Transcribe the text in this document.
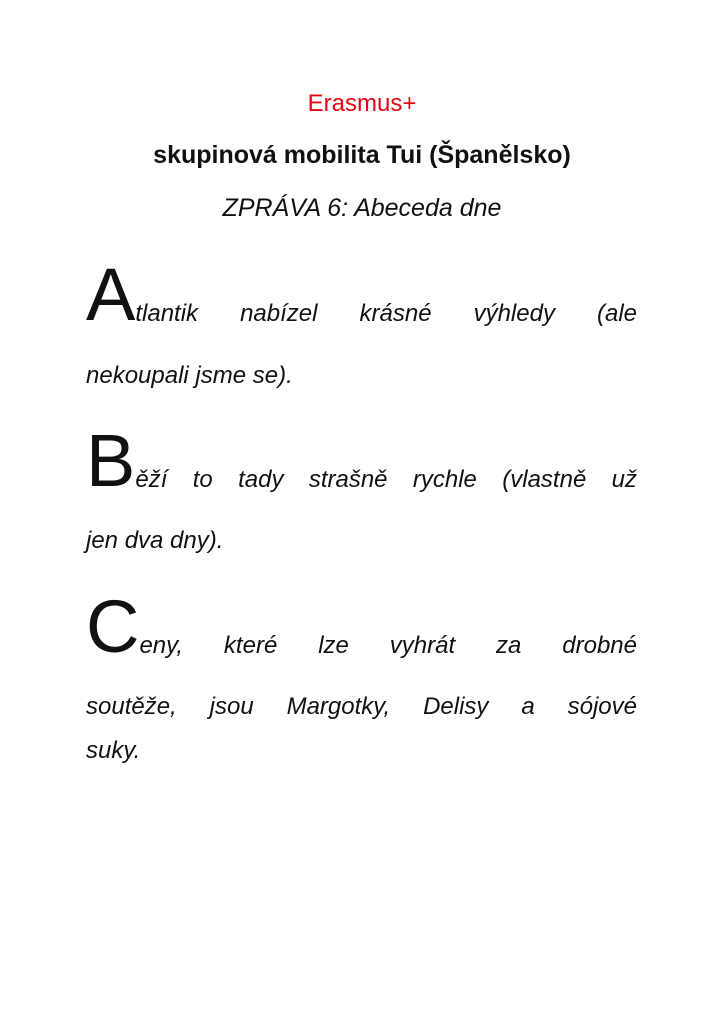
Erasmus+
skupinová mobilita Tui (Španělsko)
ZPRÁVA 6: Abeceda dne
A tlantik nabízel krásné výhledy (ale
nekoupali jsme se).
B ěží to tady strašně rychle (vlastně už
jen dva dny).
C eny, které lze vyhrát za drobné
soutěže, jsou Margotky, Delisy a sójové
suky.
